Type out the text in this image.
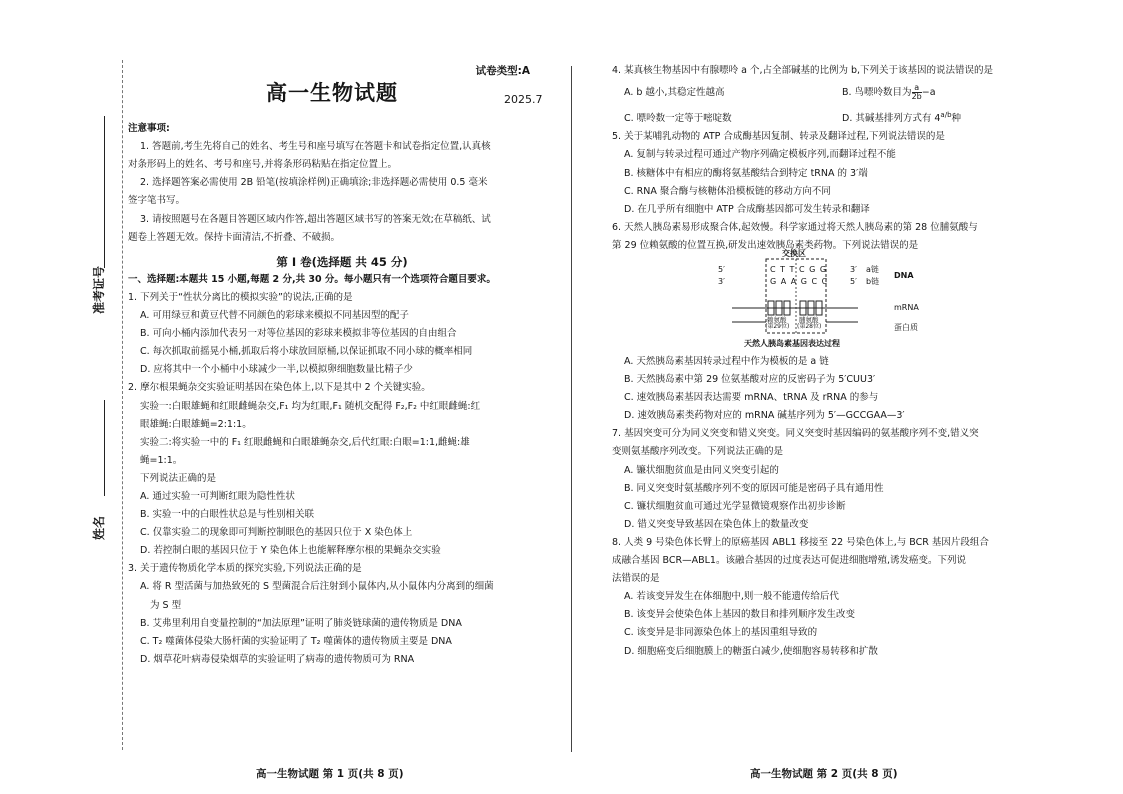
准考证号
姓名

试卷类型:A

高一生物试题	2025.7

注意事项:

1. 答题前,考生先将自己的姓名、考生号和座号填写在答题卡和试卷指定位置,认真核

对条形码上的姓名、考号和座号,并将条形码粘贴在指定位置上。

2. 选择题答案必需使用 2B 铅笔(按填涂样例)正确填涂;非选择题必需使用 0.5 毫米

签字笔书写。

3. 请按照题号在各题目答题区域内作答,超出答题区域书写的答案无效;在草稿纸、试

题卷上答题无效。保持卡面清洁,不折叠、不破损。

第 Ⅰ 卷(选择题 共 45 分)

一、选择题:本题共 15 小题,每题 2 分,共 30 分。每小题只有一个选项符合题目要求。

1. 下列关于“性状分离比的模拟实验”的说法,正确的是

A. 可用绿豆和黄豆代替不同颜色的彩球来模拟不同基因型的配子

B. 可向小桶内添加代表另一对等位基因的彩球来模拟非等位基因的自由组合

C. 每次抓取前摇晃小桶,抓取后将小球放回原桶,以保证抓取不同小球的概率相同

D. 应将其中一个小桶中小球减少一半,以模拟卵细胞数量比精子少

2. 摩尔根果蝇杂交实验证明基因在染色体上,以下是其中 2 个关键实验。

实验一:白眼雄蝇和红眼雌蝇杂交,F₁ 均为红眼,F₁ 随机交配得 F₂,F₂ 中红眼雌蝇:红

眼雄蝇:白眼雄蝇=2:1:1。

实验二:将实验一中的 F₁ 红眼雌蝇和白眼雄蝇杂交,后代红眼:白眼=1:1,雌蝇:雄

蝇=1:1。

下列说法正确的是

A. 通过实验一可判断红眼为隐性性状

B. 实验一中的白眼性状总是与性别相关联

C. 仅靠实验二的现象即可判断控制眼色的基因只位于 X 染色体上

D. 若控制白眼的基因只位于 Y 染色体上也能解释摩尔根的果蝇杂交实验

3. 关于遗传物质化学本质的探究实验,下列说法正确的是

A. 将 R 型活菌与加热致死的 S 型菌混合后注射到小鼠体内,从小鼠体内分离到的细菌

为 S 型

B. 艾弗里利用自变量控制的“加法原理”证明了肺炎链球菌的遗传物质是 DNA

C. T₂ 噬菌体侵染大肠杆菌的实验证明了 T₂ 噬菌体的遗传物质主要是 DNA

D. 烟草花叶病毒侵染烟草的实验证明了病毒的遗传物质可为 RNA

高一生物试题 第 1 页(共 8 页)

4. 某真核生物基因中有腺嘌呤 a 个,占全部碱基的比例为 b,下列关于该基因的说法错误的是

A. b 越小,其稳定性越高	B. 鸟嘌呤数目为 $\frac{a}{2b} -a$

C. 嘌呤数一定等于嘧啶数	D. 其碱基排列方式有 $4^{a/b}$种

5. 关于某哺乳动物的 ATP 合成酶基因复制、转录及翻译过程,下列说法错误的是

A. 复制与转录过程可通过产物序列确定模板序列,而翻译过程不能

B. 核糖体中有相应的酶将氨基酸结合到特定 tRNA 的 3′端

C. RNA 聚合酶与核糖体沿模板链的移动方向不同

D. 在几乎所有细胞中 ATP 合成酶基因都可发生转录和翻译

6. 天然人胰岛素易形成聚合体,起效慢。科学家通过将天然人胰岛素的第 28 位脯氨酸与

第 29 位赖氨酸的位置互换,研发出速效胰岛素类药物。下列说法错误的是

交换区
5′	C T T C G G	3′ a链
3′	G A A G C C	5′ b链
DNA
mRNA
蛋白质
赖氨酸
(第29位)
脯氨酸
(第28位)
天然人胰岛素基因表达过程

A. 天然胰岛素基因转录过程中作为模板的是 a 链

B. 天然胰岛素中第 29 位氨基酸对应的反密码子为 5′CUU3′

C. 速效胰岛素基因表达需要 mRNA、tRNA 及 rRNA 的参与

D. 速效胰岛素类药物对应的 mRNA 碱基序列为 5′—GCCGAA—3′

7. 基因突变可分为同义突变和错义突变。同义突变时基因编码的氨基酸序列不变,错义突

变则氨基酸序列改变。下列说法正确的是

A. 镰状细胞贫血是由同义突变引起的

B. 同义突变时氨基酸序列不变的原因可能是密码子具有通用性

C. 镰状细胞贫血可通过光学显微镜观察作出初步诊断

D. 错义突变导致基因在染色体上的数量改变

8. 人类 9 号染色体长臂上的原癌基因 ABL1 移接至 22 号染色体上,与 BCR 基因片段组合

成融合基因 BCR—ABL1。该融合基因的过度表达可促进细胞增殖,诱发癌变。下列说

法错误的是

A. 若该变异发生在体细胞中,则一般不能遗传给后代

B. 该变异会使染色体上基因的数目和排列顺序发生改变

C. 该变异是非同源染色体上的基因重组导致的

D. 细胞癌变后细胞膜上的糖蛋白减少,使细胞容易转移和扩散

高一生物试题 第 2 页(共 8 页)
